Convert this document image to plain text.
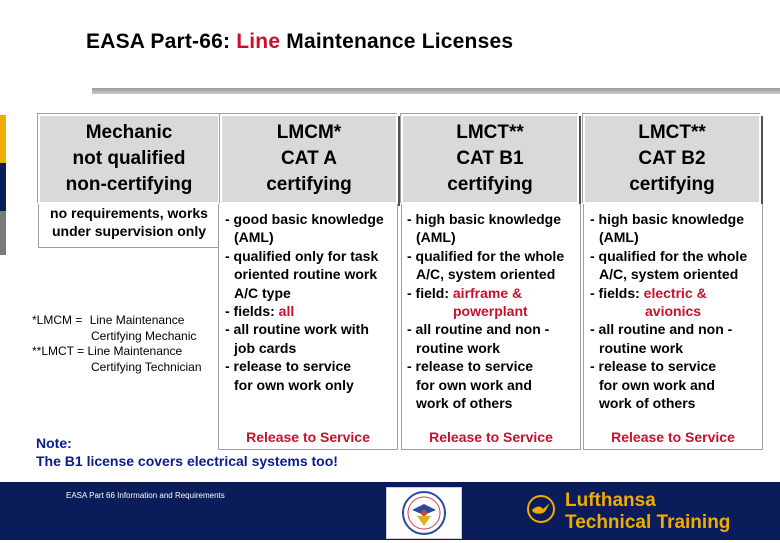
EASA Part-66: Line Maintenance Licenses
Mechanic
not qualified
non-certifying
no requirements, works
under supervision only
LMCM*
CAT A
certifying
- good basic knowledge
(AML)
- qualified only for task
oriented routine work
A/C type
- fields: all
- all routine work with
job cards
- release to service
for own work only
Release to Service
LMCT**
CAT B1
certifying
- high basic knowledge
(AML)
- qualified for the whole
A/C, system oriented
- field: airframe &
powerplant
- all routine and non -
routine work
- release to service
for own work and
work of others
Release to Service
LMCT**
CAT B2
certifying
- high basic knowledge
(AML)
- qualified for the whole
A/C, system oriented
- fields: electric &
avionics
- all routine and non -
routine work
- release to service
for own work and
work of others
Release to Service
*LMCM = Line Maintenance
Certifying Mechanic
**LMCT = Line Maintenance
Certifying Technician
Note:
The B1 license covers electrical systems too!
EASA Part 66 Information and Requirements	Lufthansa
Technical Training
